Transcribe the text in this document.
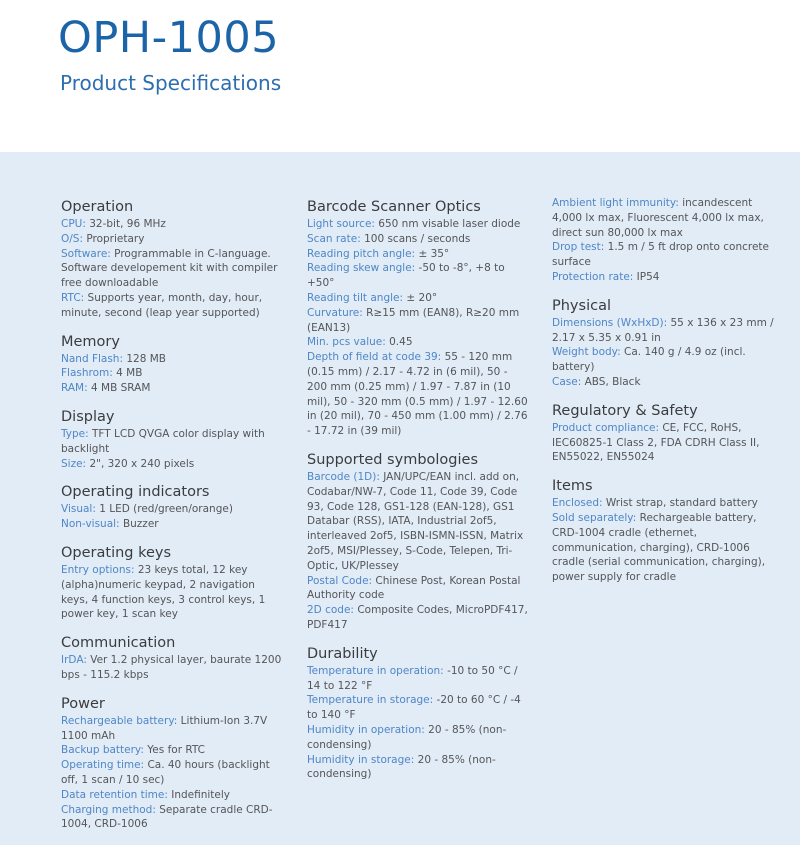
OPH-1005
Product Specifications
Operation

CPU: 32-bit, 96 MHz

O/S: Proprietary

Software: Programmable in C-language. Software developement kit with compiler free downloadable

RTC: Supports year, month, day, hour, minute, second (leap year supported)

Memory

Nand Flash: 128 MB

Flashrom: 4 MB

RAM: 4 MB SRAM

Display

Type: TFT LCD QVGA color display with backlight

Size: 2", 320 x 240 pixels

Operating indicators

Visual: 1 LED (red/green/orange)

Non-visual: Buzzer

Operating keys

Entry options: 23 keys total, 12 key (alpha)numeric keypad, 2 navigation keys, 4 function keys, 3 control keys, 1 power key, 1 scan key

Communication

IrDA: Ver 1.2 physical layer, baurate 1200 bps - 115.2 kbps

Power

Rechargeable battery: Lithium-Ion 3.7V 1100 mAh

Backup battery: Yes for RTC

Operating time: Ca. 40 hours (backlight off, 1 scan / 10 sec)

Data retention time: Indefinitely

Charging method: Separate cradle CRD-1004, CRD-1006

Barcode Scanner Optics

Light source: 650 nm visable laser diode

Scan rate: 100 scans / seconds

Reading pitch angle: ± 35°

Reading skew angle: -50 to -8°, +8 to +50°

Reading tilt angle: ± 20°

Curvature: R≥15 mm (EAN8), R≥20 mm (EAN13)

Min. pcs value: 0.45

Depth of field at code 39: 55 - 120 mm (0.15 mm) / 2.17 - 4.72 in (6 mil), 50 - 200 mm (0.25 mm) / 1.97 - 7.87 in (10 mil), 50 - 320 mm (0.5 mm) / 1.97 - 12.60 in (20 mil), 70 - 450 mm (1.00 mm) / 2.76 - 17.72 in (39 mil)

Supported symbologies

Barcode (1D): JAN/UPC/EAN incl. add on, Codabar/NW-7, Code 11, Code 39, Code 93, Code 128, GS1-128 (EAN-128), GS1 Databar (RSS), IATA, Industrial 2of5, interleaved 2of5, ISBN-ISMN-ISSN, Matrix 2of5, MSI/Plessey, S-Code, Telepen, Tri-Optic, UK/Plessey

Postal Code: Chinese Post, Korean Postal Authority code

2D code: Composite Codes, MicroPDF417, PDF417

Durability

Temperature in operation: -10 to 50 °C / 14 to 122 °F

Temperature in storage: -20 to 60 °C / -4 to 140 °F

Humidity in operation: 20 - 85% (non-condensing)

Humidity in storage: 20 - 85% (non-condensing)

Ambient light immunity: incandescent 4,000 lx max, Fluorescent 4,000 lx max, direct sun 80,000 lx max

Drop test: 1.5 m / 5 ft drop onto concrete surface

Protection rate: IP54

Physical

Dimensions (WxHxD): 55 x 136 x 23 mm / 2.17 x 5.35 x 0.91 in

Weight body: Ca. 140 g / 4.9 oz (incl. battery)

Case: ABS, Black

Regulatory & Safety

Product compliance: CE, FCC, RoHS, IEC60825-1 Class 2, FDA CDRH Class II, EN55022, EN55024

Items

Enclosed: Wrist strap, standard battery

Sold separately: Rechargeable battery, CRD-1004 cradle (ethernet, communication, charging), CRD-1006 cradle (serial communication, charging), power supply for cradle
